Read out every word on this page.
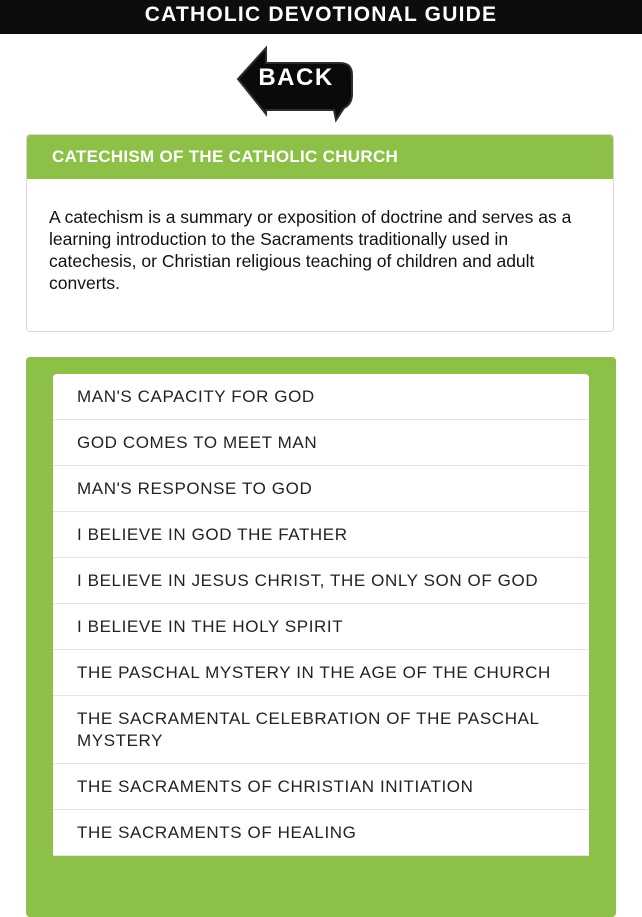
CATHOLIC DEVOTIONAL GUIDE
BACK
CATECHISM OF THE CATHOLIC CHURCH
A catechism is a summary or exposition of doctrine and serves as a learning introduction to the Sacraments traditionally used in catechesis, or Christian religious teaching of children and adult converts.
MAN'S CAPACITY FOR GOD
GOD COMES TO MEET MAN
MAN'S RESPONSE TO GOD
I BELIEVE IN GOD THE FATHER
I BELIEVE IN JESUS CHRIST, THE ONLY SON OF GOD
I BELIEVE IN THE HOLY SPIRIT
THE PASCHAL MYSTERY IN THE AGE OF THE CHURCH
THE SACRAMENTAL CELEBRATION OF THE PASCHAL MYSTERY
THE SACRAMENTS OF CHRISTIAN INITIATION
THE SACRAMENTS OF HEALING
